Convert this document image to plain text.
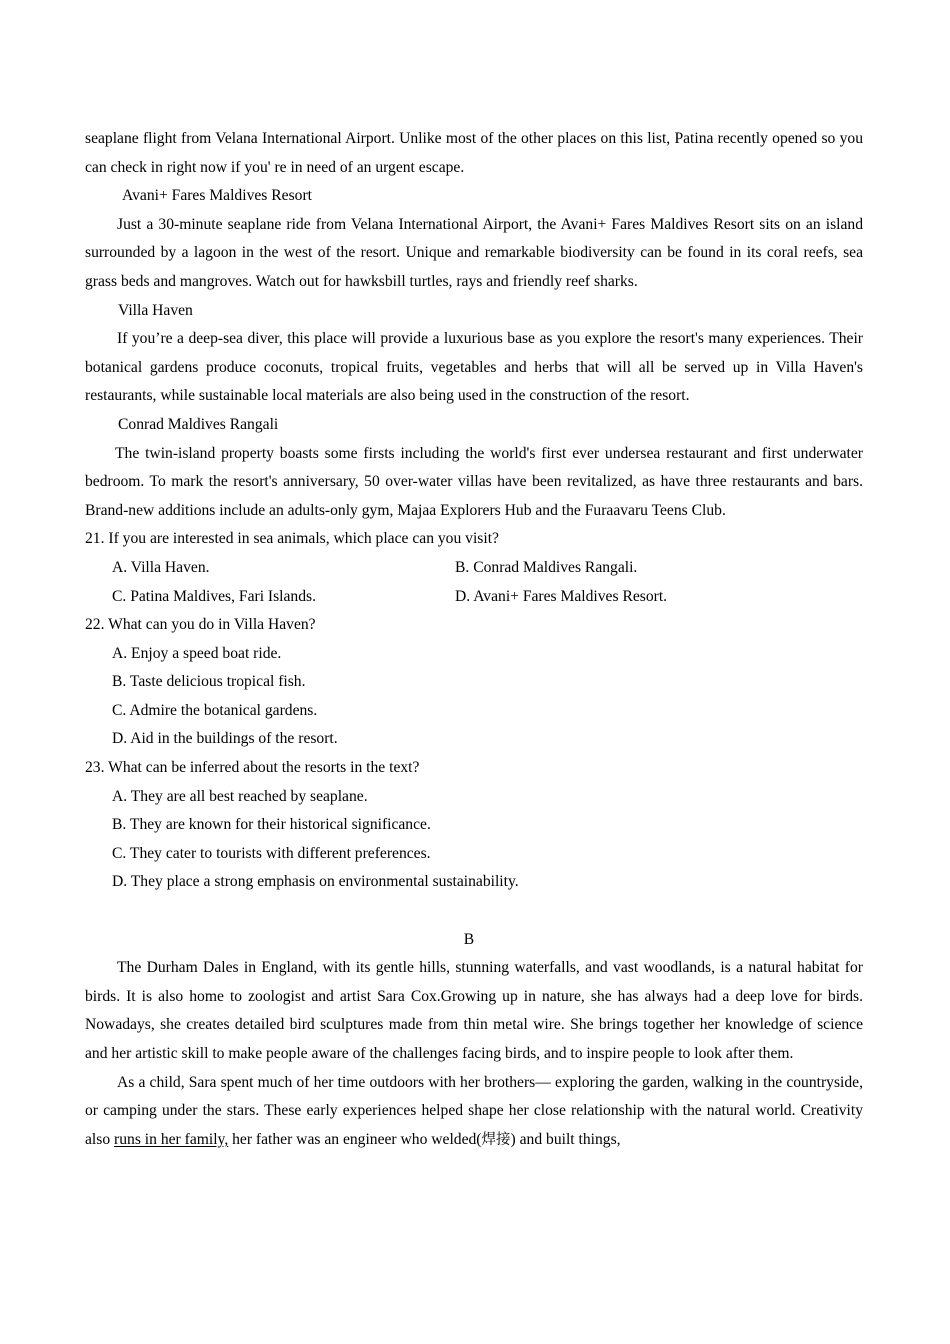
seaplane flight from Velana International Airport. Unlike most of the other places on this list, Patina recently opened so you can check in right now if you' re in need of an urgent escape.

Avani+ Fares Maldives Resort

Just a 30-minute seaplane ride from Velana International Airport, the Avani+ Fares Maldives Resort sits on an island surrounded by a lagoon in the west of the resort. Unique and remarkable biodiversity can be found in its coral reefs, sea grass beds and mangroves. Watch out for hawksbill turtles, rays and friendly reef sharks.

Villa Haven

If you’re a deep-sea diver, this place will provide a luxurious base as you explore the resort's many experiences. Their botanical gardens produce coconuts, tropical fruits, vegetables and herbs that will all be served up in Villa Haven's restaurants, while sustainable local materials are also being used in the construction of the resort.

Conrad Maldives Rangali

The twin-island property boasts some firsts including the world's first ever undersea restaurant and first underwater bedroom. To mark the resort's anniversary, 50 over-water villas have been revitalized, as have three restaurants and bars. Brand-new additions include an adults-only gym, Majaa Explorers Hub and the Furaavaru Teens Club.

21. If you are interested in sea animals, which place can you visit?

A. Villa Haven.	B. Conrad Maldives Rangali.
C. Patina Maldives, Fari Islands.	D. Avani+ Fares Maldives Resort.

22. What can you do in Villa Haven?

A. Enjoy a speed boat ride.

B. Taste delicious tropical fish.

C. Admire the botanical gardens.

D. Aid in the buildings of the resort.

23. What can be inferred about the resorts in the text?

A. They are all best reached by seaplane.

B. They are known for their historical significance.

C. They cater to tourists with different preferences.

D. They place a strong emphasis on environmental sustainability.

B

The Durham Dales in England, with its gentle hills, stunning waterfalls, and vast woodlands, is a natural habitat for birds. It is also home to zoologist and artist Sara Cox.Growing up in nature, she has always had a deep love for birds. Nowadays, she creates detailed bird sculptures made from thin metal wire. She brings together her knowledge of science and her artistic skill to make people aware of the challenges facing birds, and to inspire people to look after them.

As a child, Sara spent much of her time outdoors with her brothers— exploring the garden, walking in the countryside, or camping under the stars. These early experiences helped shape her close relationship with the natural world. Creativity also runs in her family, her father was an engineer who welded(焊接) and built things,
